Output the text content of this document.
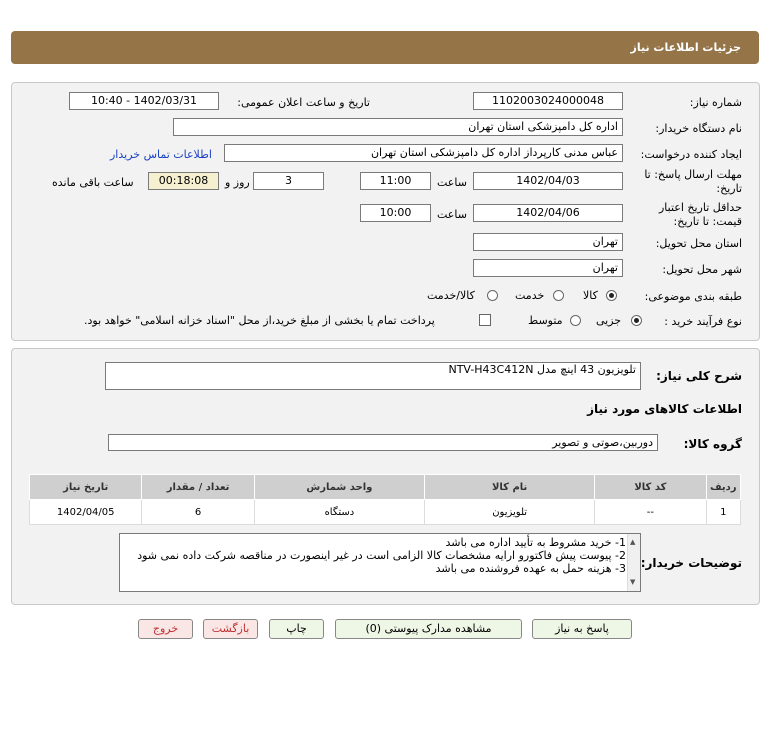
جزئیات اطلاعات نیاز
شماره نیاز:
1102003024000048
تاریخ و ساعت اعلان عمومی:
1402/03/31 - 10:40
نام دستگاه خریدار:
اداره کل دامپزشکی استان تهران
ایجاد کننده درخواست:
عباس مدنی کارپرداز اداره کل دامپزشکی استان تهران
اطلاعات تماس خریدار
مهلت ارسال پاسخ: تا
تاریخ:
1402/04/03
ساعت
11:00
3
روز و
00:18:08
ساعت باقی مانده
حداقل تاریخ اعتبار
قیمت: تا تاریخ:
1402/04/06
ساعت
10:00
استان محل تحویل:
تهران
شهر محل تحویل:
تهران
طبقه بندی موضوعی:
کالا
خدمت
کالا/خدمت
نوع فرآیند خرید :
جزیی
متوسط
پرداخت تمام یا بخشی از مبلغ خرید،از محل "اسناد خزانه اسلامی" خواهد بود.
شرح کلی نیاز:
تلویزیون 43 اینچ مدل NTV-H43C412N
اطلاعات کالاهای مورد نیاز
گروه کالا:
دوربین،صوتی و تصویر
ردیف	کد کالا	نام کالا	واحد شمارش	تعداد / مقدار	تاریخ نیاز
1	--	تلویزیون	دستگاه	6	1402/04/05
توضیحات خریدار:
1- خرید مشروط به تأیید اداره می باشد
2- پیوست پیش فاکتورو ارایه مشخصات کالا الزامی است در غیر اینصورت در مناقصه شرکت داده نمی شود
3- هزینه حمل به عهده فروشنده می باشد
▲
▼
پاسخ به نیاز
مشاهده مدارک پیوستی (0)
چاپ
بازگشت
خروج
